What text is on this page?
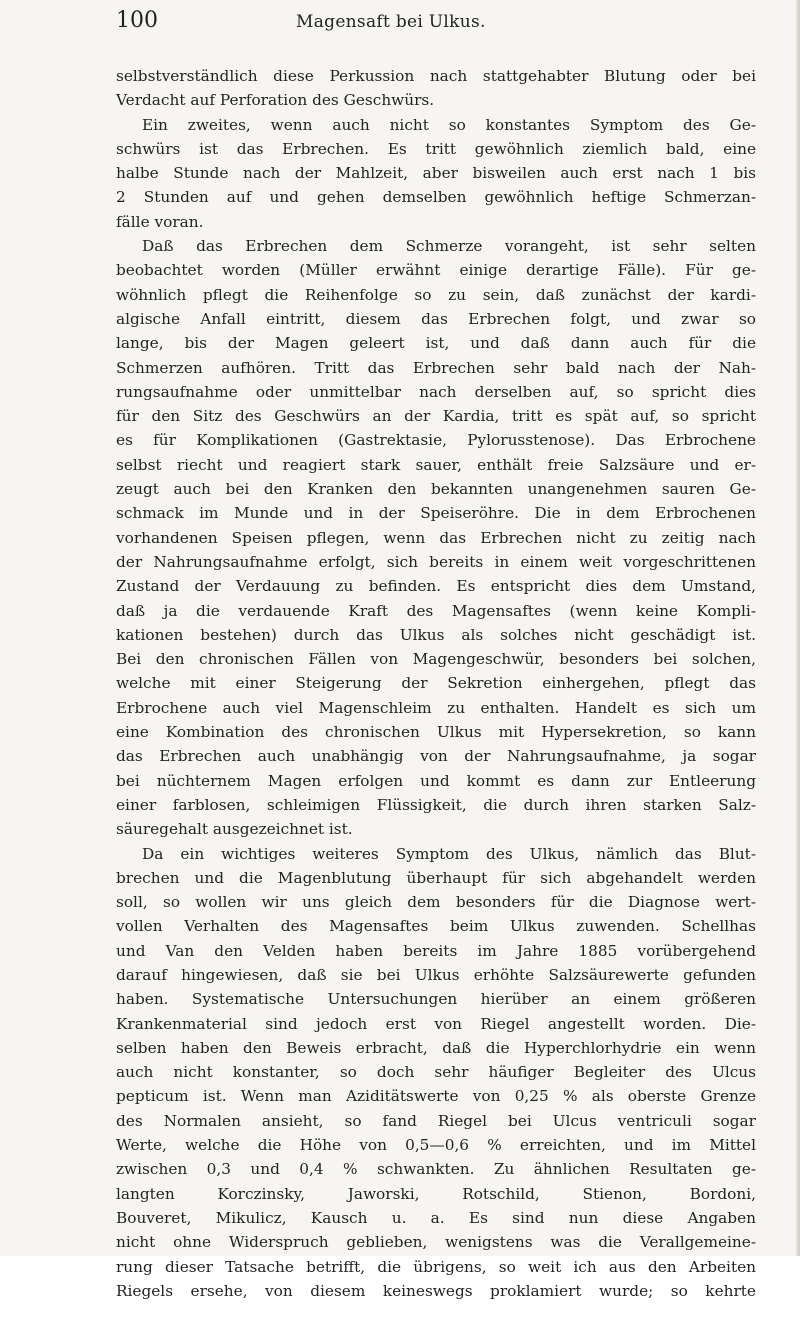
100	Magensaft bei Ulkus.
selbstverständlich diese Perkussion nach stattgehabter Blutung oder bei
Verdacht auf Perforation des Geschwürs.
Ein zweites, wenn auch nicht so konstantes Symptom des Ge-
schwürs ist das Erbrechen. Es tritt gewöhnlich ziemlich bald, eine
halbe Stunde nach der Mahlzeit, aber bisweilen auch erst nach 1 bis
2 Stunden auf und gehen demselben gewöhnlich heftige Schmerzan-
fälle voran.
Daß das Erbrechen dem Schmerze vorangeht, ist sehr selten
beobachtet worden (Müller erwähnt einige derartige Fälle). Für ge-
wöhnlich pflegt die Reihenfolge so zu sein, daß zunächst der kardi-
algische Anfall eintritt, diesem das Erbrechen folgt, und zwar so
lange, bis der Magen geleert ist, und daß dann auch für die
Schmerzen aufhören. Tritt das Erbrechen sehr bald nach der Nah-
rungsaufnahme oder unmittelbar nach derselben auf, so spricht dies
für den Sitz des Geschwürs an der Kardia, tritt es spät auf, so spricht
es für Komplikationen (Gastrektasie, Pylorusstenose). Das Erbrochene
selbst riecht und reagiert stark sauer, enthält freie Salzsäure und er-
zeugt auch bei den Kranken den bekannten unangenehmen sauren Ge-
schmack im Munde und in der Speiseröhre. Die in dem Erbrochenen
vorhandenen Speisen pflegen, wenn das Erbrechen nicht zu zeitig nach
der Nahrungsaufnahme erfolgt, sich bereits in einem weit vorgeschrittenen
Zustand der Verdauung zu befinden. Es entspricht dies dem Umstand,
daß ja die verdauende Kraft des Magensaftes (wenn keine Kompli-
kationen bestehen) durch das Ulkus als solches nicht geschädigt ist.
Bei den chronischen Fällen von Magengeschwür, besonders bei solchen,
welche mit einer Steigerung der Sekretion einhergehen, pflegt das
Erbrochene auch viel Magenschleim zu enthalten. Handelt es sich um
eine Kombination des chronischen Ulkus mit Hypersekretion, so kann
das Erbrechen auch unabhängig von der Nahrungsaufnahme, ja sogar
bei nüchternem Magen erfolgen und kommt es dann zur Entleerung
einer farblosen, schleimigen Flüssigkeit, die durch ihren starken Salz-
säuregehalt ausgezeichnet ist.
Da ein wichtiges weiteres Symptom des Ulkus, nämlich das Blut-
brechen und die Magenblutung überhaupt für sich abgehandelt werden
soll, so wollen wir uns gleich dem besonders für die Diagnose wert-
vollen Verhalten des Magensaftes beim Ulkus zuwenden. Schellhas
und Van den Velden haben bereits im Jahre 1885 vorübergehend
darauf hingewiesen, daß sie bei Ulkus erhöhte Salzsäurewerte gefunden
haben. Systematische Untersuchungen hierüber an einem größeren
Krankenmaterial sind jedoch erst von Riegel angestellt worden. Die-
selben haben den Beweis erbracht, daß die Hyperchlorhydrie ein wenn
auch nicht konstanter, so doch sehr häufiger Begleiter des Ulcus
pepticum ist. Wenn man Aziditätswerte von 0,25 % als oberste Grenze
des Normalen ansieht, so fand Riegel bei Ulcus ventriculi sogar
Werte, welche die Höhe von 0,5—0,6 % erreichten, und im Mittel
zwischen 0,3 und 0,4 % schwankten. Zu ähnlichen Resultaten ge-
langten Korczinsky, Jaworski, Rotschild, Stienon, Bordoni,
Bouveret, Mikulicz, Kausch u. a. Es sind nun diese Angaben
nicht ohne Widerspruch geblieben, wenigstens was die Verallgemeine-
rung dieser Tatsache betrifft, die übrigens, so weit ich aus den Arbeiten
Riegels ersehe, von diesem keineswegs proklamiert wurde; so kehrte
